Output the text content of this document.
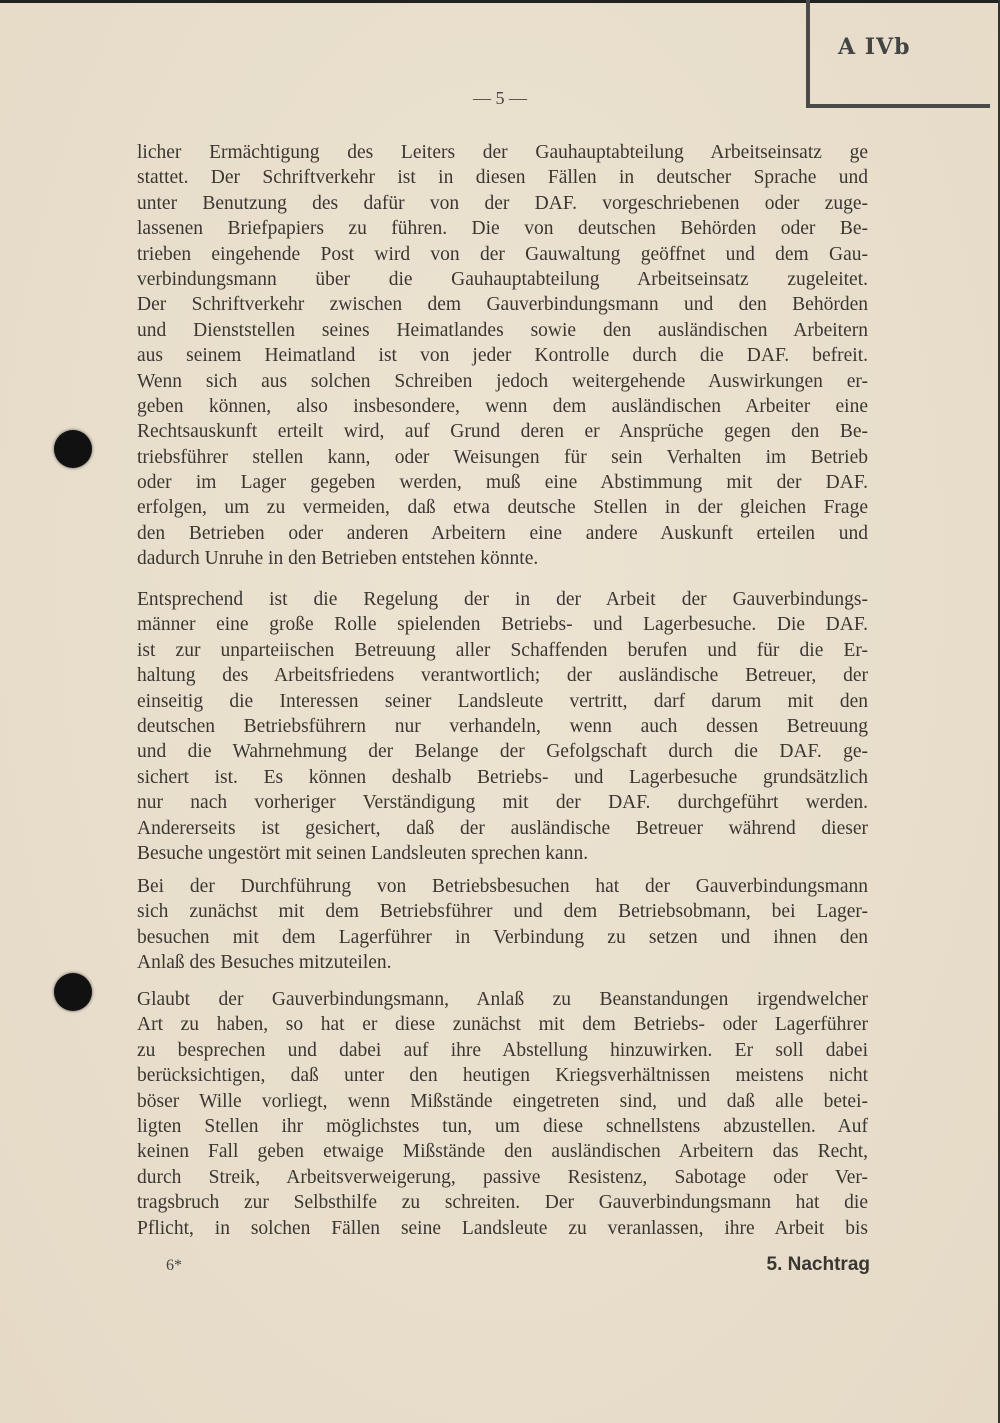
A IVb
— 5 —
licher Ermächtigung des Leiters der Gauhauptabteilung Arbeitseinsatz ge
stattet. Der Schriftverkehr ist in diesen Fällen in deutscher Sprache und
unter Benutzung des dafür von der DAF. vorgeschriebenen oder zuge-
lassenen Briefpapiers zu führen. Die von deutschen Behörden oder Be-
trieben eingehende Post wird von der Gauwaltung geöffnet und dem Gau-
verbindungsmann über die Gauhauptabteilung Arbeitseinsatz zugeleitet.
Der Schriftverkehr zwischen dem Gauverbindungsmann und den Behörden
und Dienststellen seines Heimatlandes sowie den ausländischen Arbeitern
aus seinem Heimatland ist von jeder Kontrolle durch die DAF. befreit.
Wenn sich aus solchen Schreiben jedoch weitergehende Auswirkungen er-
geben können, also insbesondere, wenn dem ausländischen Arbeiter eine
Rechtsauskunft erteilt wird, auf Grund deren er Ansprüche gegen den Be-
triebsführer stellen kann, oder Weisungen für sein Verhalten im Betrieb
oder im Lager gegeben werden, muß eine Abstimmung mit der DAF.
erfolgen, um zu vermeiden, daß etwa deutsche Stellen in der gleichen Frage
den Betrieben oder anderen Arbeitern eine andere Auskunft erteilen und
dadurch Unruhe in den Betrieben entstehen könnte.
Entsprechend ist die Regelung der in der Arbeit der Gauverbindungs-
männer eine große Rolle spielenden Betriebs- und Lagerbesuche. Die DAF.
ist zur unparteiischen Betreuung aller Schaffenden berufen und für die Er-
haltung des Arbeitsfriedens verantwortlich; der ausländische Betreuer, der
einseitig die Interessen seiner Landsleute vertritt, darf darum mit den
deutschen Betriebsführern nur verhandeln, wenn auch dessen Betreuung
und die Wahrnehmung der Belange der Gefolgschaft durch die DAF. ge-
sichert ist. Es können deshalb Betriebs- und Lagerbesuche grundsätzlich
nur nach vorheriger Verständigung mit der DAF. durchgeführt werden.
Andererseits ist gesichert, daß der ausländische Betreuer während dieser
Besuche ungestört mit seinen Landsleuten sprechen kann.
Bei der Durchführung von Betriebsbesuchen hat der Gauverbindungsmann
sich zunächst mit dem Betriebsführer und dem Betriebsobmann, bei Lager-
besuchen mit dem Lagerführer in Verbindung zu setzen und ihnen den
Anlaß des Besuches mitzuteilen.
Glaubt der Gauverbindungsmann, Anlaß zu Beanstandungen irgendwelcher
Art zu haben, so hat er diese zunächst mit dem Betriebs- oder Lagerführer
zu besprechen und dabei auf ihre Abstellung hinzuwirken. Er soll dabei
berücksichtigen, daß unter den heutigen Kriegsverhältnissen meistens nicht
böser Wille vorliegt, wenn Mißstände eingetreten sind, und daß alle betei-
ligten Stellen ihr möglichstes tun, um diese schnellstens abzustellen. Auf
keinen Fall geben etwaige Mißstände den ausländischen Arbeitern das Recht,
durch Streik, Arbeitsverweigerung, passive Resistenz, Sabotage oder Ver-
tragsbruch zur Selbsthilfe zu schreiten. Der Gauverbindungsmann hat die
Pflicht, in solchen Fällen seine Landsleute zu veranlassen, ihre Arbeit bis
6*	5. Nachtrag
